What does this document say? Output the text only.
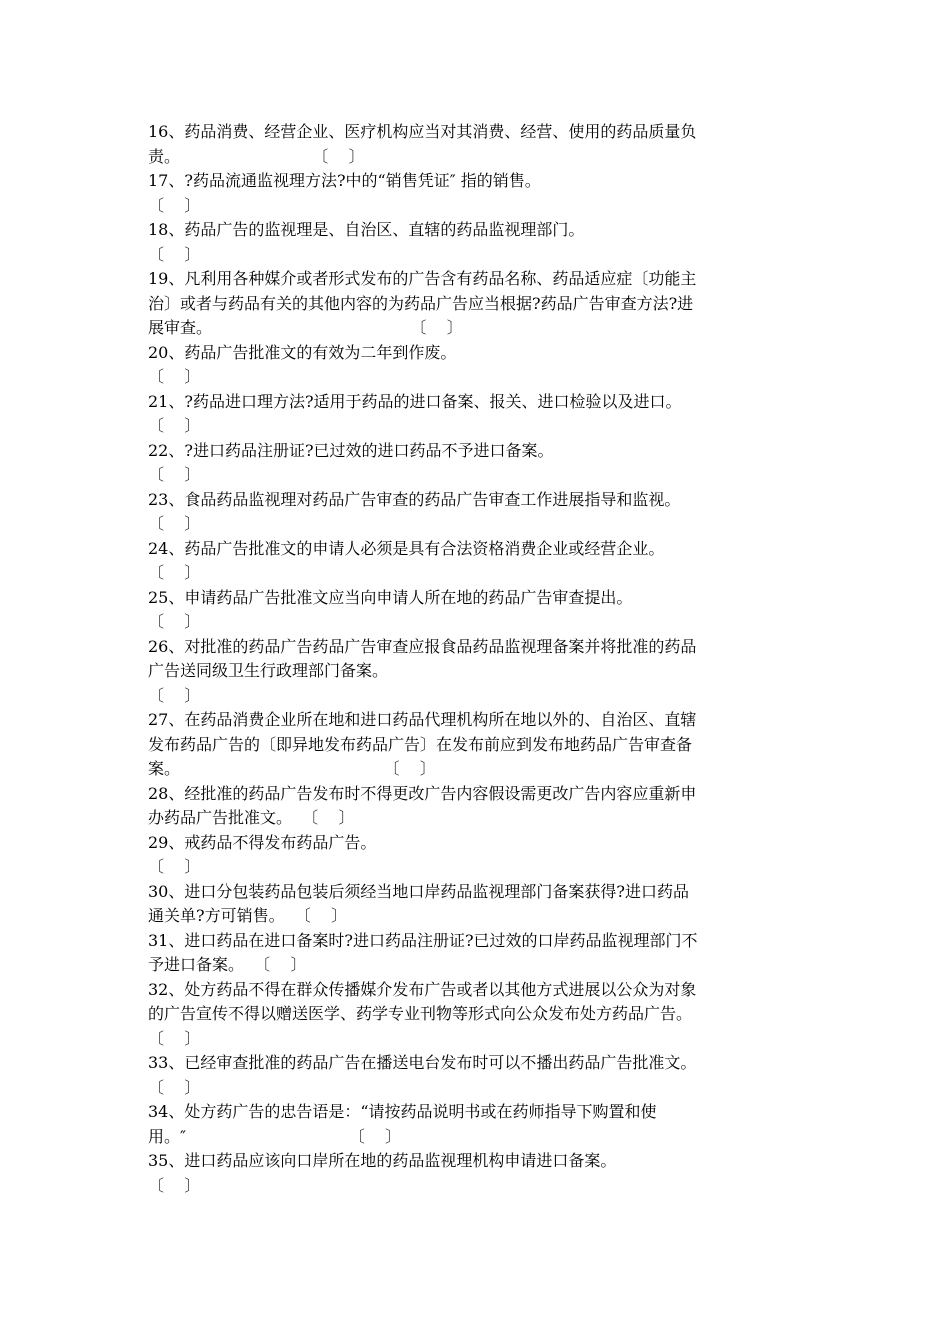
16、药品消费、经营企业、医疗机构应当对其消费、经营、使用的药品质量负
责。                          〔    〕
17、?药品流通监视理方法?中的“销售凭证″ 指的销售。
〔    〕
18、药品广告的监视理是、自治区、直辖的药品监视理部门。
〔    〕
19、凡利用各种媒介或者形式发布的广告含有药品名称、药品适应症〔功能主
治〕或者与药品有关的其他内容的为药品广告应当根据?药品广告审查方法?进
展审查。                                       〔    〕
20、药品广告批准文的有效为二年到作废。
〔    〕
21、?药品进口理方法?适用于药品的进口备案、报关、进口检验以及进口。
〔    〕
22、?进口药品注册证?已过效的进口药品不予进口备案。
〔    〕
23、食品药品监视理对药品广告审查的药品广告审查工作进展指导和监视。
〔    〕
24、药品广告批准文的申请人必须是具有合法资格消费企业或经营企业。
〔    〕
25、申请药品广告批准文应当向申请人所在地的药品广告审查提出。
〔    〕
26、对批准的药品广告药品广告审查应报食品药品监视理备案并将批准的药品
广告送同级卫生行政理部门备案。
〔    〕
27、在药品消费企业所在地和进口药品代理机构所在地以外的、自治区、直辖
发布药品广告的〔即异地发布药品广告〕在发布前应到发布地药品广告审查备
案。                                        〔    〕
28、经批准的药品广告发布时不得更改广告内容假设需更改广告内容应重新申
办药品广告批准文。  〔    〕
29、戒药品不得发布药品广告。
〔    〕
30、进口分包装药品包装后须经当地口岸药品监视理部门备案获得?进口药品
通关单?方可销售。  〔    〕
31、进口药品在进口备案时?进口药品注册证?已过效的口岸药品监视理部门不
予进口备案。  〔    〕
32、处方药品不得在群众传播媒介发布广告或者以其他方式进展以公众为对象
的广告宣传不得以赠送医学、药学专业刊物等形式向公众发布处方药品广告。
〔    〕
33、已经审查批准的药品广告在播送电台发布时可以不播出药品广告批准文。
〔    〕
34、处方药广告的忠告语是：“请按药品说明书或在药师指导下购置和使
用。″                                〔    〕
35、进口药品应该向口岸所在地的药品监视理机构申请进口备案。
〔    〕
